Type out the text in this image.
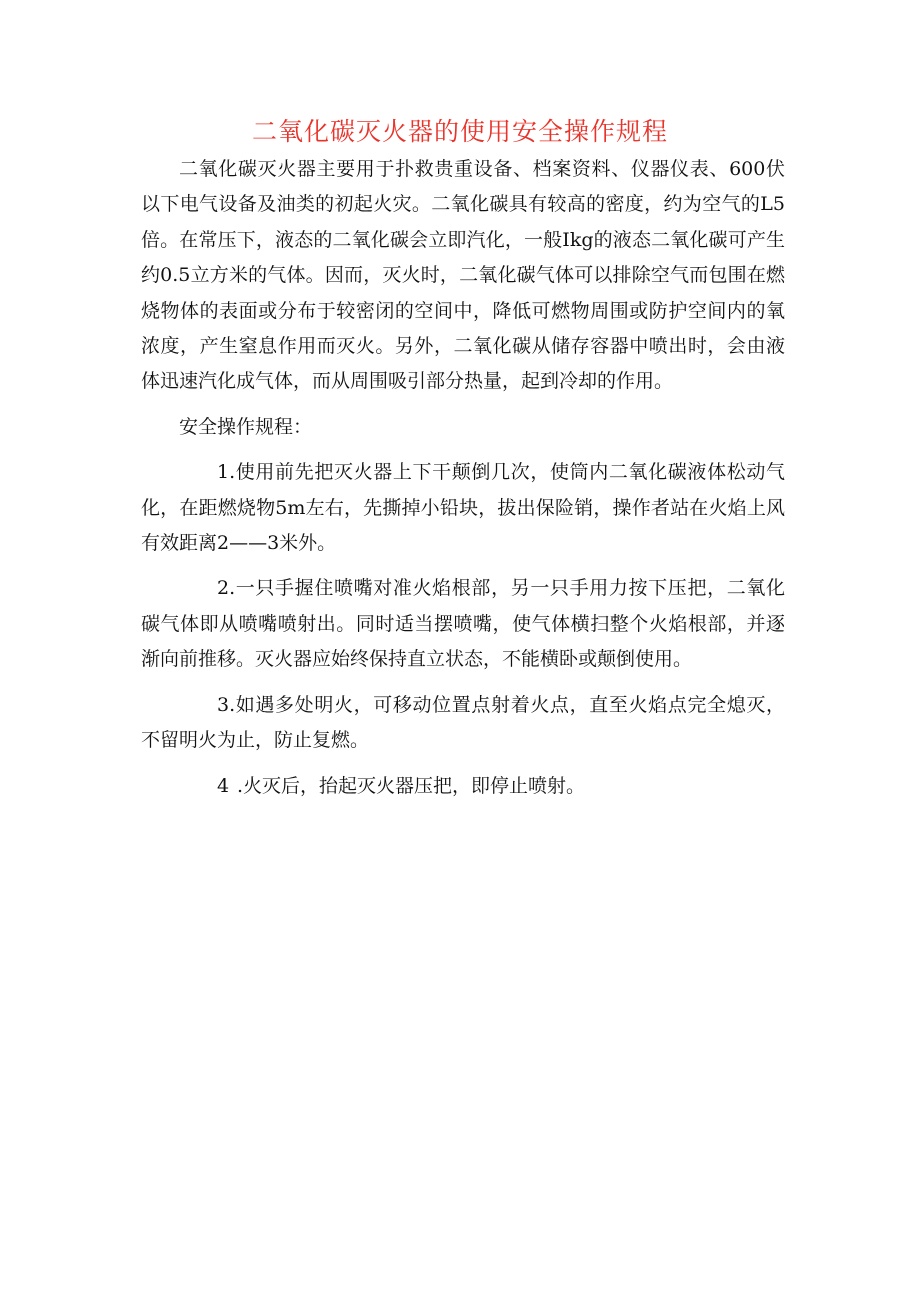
二氧化碳灭火器的使用安全操作规程

二氧化碳灭火器主要用于扑救贵重设备、档案资料、仪器仪表、600伏以下电气设备及油类的初起火灾。二氧化碳具有较高的密度，约为空气的L5倍。在常压下，液态的二氧化碳会立即汽化，一般Ikg的液态二氧化碳可产生约0.5立方米的气体。因而，灭火时，二氧化碳气体可以排除空气而包围在燃烧物体的表面或分布于较密闭的空间中，降低可燃物周围或防护空间内的氧浓度，产生窒息作用而灭火。另外，二氧化碳从储存容器中喷出时，会由液体迅速汽化成气体，而从周围吸引部分热量，起到冷却的作用。

安全操作规程：

1.使用前先把灭火器上下干颠倒几次，使筒内二氧化碳液体松动气化，在距燃烧物5m左右，先撕掉小铅块，拔出保险销，操作者站在火焰上风有效距离2——3米外。

2.一只手握住喷嘴对准火焰根部，另一只手用力按下压把，二氧化碳气体即从喷嘴喷射出。同时适当摆喷嘴，使气体横扫整个火焰根部，并逐渐向前推移。灭火器应始终保持直立状态，不能横卧或颠倒使用。

3.如遇多处明火，可移动位置点射着火点，直至火焰点完全熄灭，不留明火为止，防止复燃。

4 .火灭后，抬起灭火器压把，即停止喷射。
